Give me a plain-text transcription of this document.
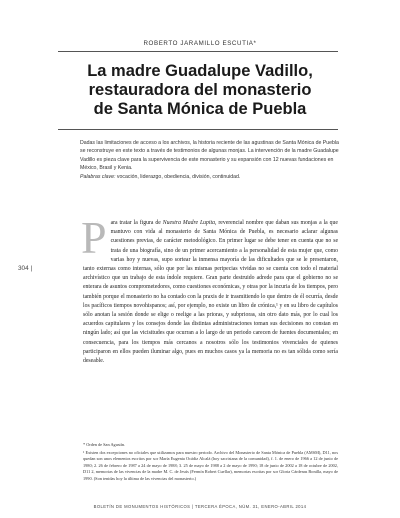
ROBERTO JARAMILLO ESCUTIA*
La madre Guadalupe Vadillo,
restauradora del monasterio
de Santa Mónica de Puebla
Dadas las limitaciones de acceso a los archivos, la historia reciente de las agustinas de Santa Mónica de Puebla se reconstruye en este texto a través de testimonios de algunas monjas. La intervención de la madre Guadalupe Vadillo es pieza clave para la supervivencia de este monasterio y su expansión con 12 nuevas fundaciones en México, Brasil y Kenia.
Palabras clave: vocación, liderazgo, obediencia, división, continuidad.
304 |
Para tratar la figura de Nuestra Madre Lupita, reverencial nombre que daban sus monjas a la que mantuvo con vida al monasterio de Santa Mónica de Puebla, es necesario aclarar algunas cuestiones previas, de carácter metodológico. En primer lugar se debe tener en cuenta que no se trata de una biografía, sino de un primer acercamiento a la personalidad de esta mujer que, como varias hoy y nuevas, supo sortear la inmensa mayoría de las dificultades que se le presentaron, tanto externas como internas, sólo que por las mismas peripecias vividas no se cuenta con todo el material archivístico que un trabajo de esta índole requiere. Gran parte destruido adrede para que el gobierno no se enterara de asuntos comprometedores, como cuestiones económicas, y otras por la incuria de los tiempos, pero también porque el monasterio no ha contado con la praxis de ir trasmitiendo lo que dentro de él ocurría, desde los pacíficos tiempos novohispanos; así, por ejemplo, no existe un libro de crónica,¹ y en su libro de capítulos sólo anotan la sesión donde se elige o reelige a las prioras, y subprioras, sin otro dato más, por lo cual los acuerdos capitulares y los consejos donde las distintas administraciones toman sus decisiones no constan en ningún lado; así que las vicisitudes que ocurran a lo largo de un periodo carecen de fuentes documentales; en consecuencia, para los tiempos más cercanos a nosotros sólo los testimonios vivenciales de quienes participaron en ellos pueden iluminar algo, pues en muchos casos ya la memoria no es tan sólida como sería deseable.

* Orden de San Agustín.

¹ Existen dos excepciones no oficiales que utilizamos para nuestro periodo. Archivo del Monasterio de Santa Mónica de Puebla (AMSM), D11, nos quedan son unos elementos escritos por sor María Eugenia Ocádiz Alcalá (hoy sacristana de la comunidad), f. 1. de enero de 1966 a 12 de junio de 1980; 2. 26 de febrero de 1987 a 24 de mayo de 1988; 3. 25 de mayo de 1988 a 2 de mayo de 1990; 18 de junio de 2002 a 18 de octubre de 2002, D11 2, memorias de las vivencias de la madre M. C. de Jesús (Fermín Robert Cuellar), memorias escritas por sor Gloria Cárdenas Bonilla, mayo de 1990. (Son tenidas hoy la última de las vivencias del monasterio.)

BOLETÍN DE MONUMENTOS HISTÓRICOS | TERCERA ÉPOCA, NÚM. 31, ENERO-ABRIL 2014
